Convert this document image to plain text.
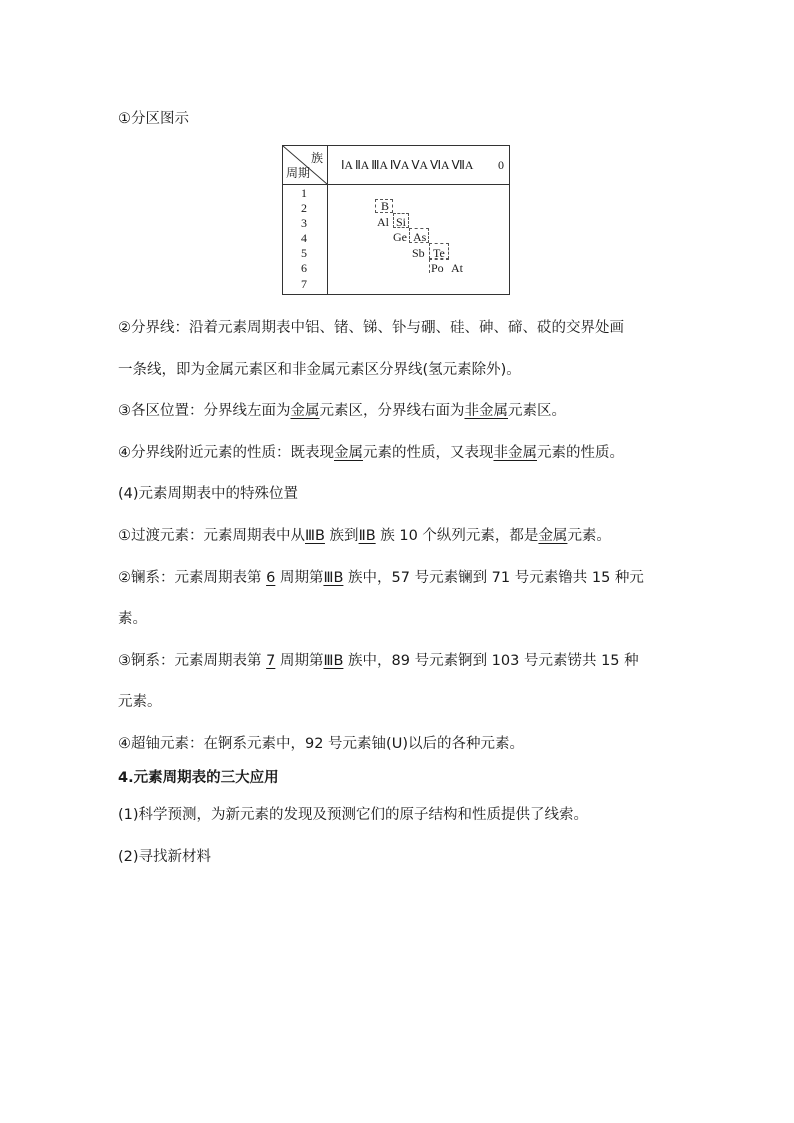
①分区图示
族
周期
ⅠA ⅡA ⅢA ⅣA ⅤA ⅥA ⅦA 0
1
2
3
4
5
6
7
B
Al Si
Ge As
Sb Te
Po At
②分界线：沿着元素周期表中铝、锗、锑、钋与硼、硅、砷、碲、砹的交界处画
一条线，即为金属元素区和非金属元素区分界线(氢元素除外)。
③各区位置：分界线左面为金属元素区，分界线右面为非金属元素区。
④分界线附近元素的性质：既表现金属元素的性质，又表现非金属元素的性质。
(4)元素周期表中的特殊位置
①过渡元素：元素周期表中从ⅢB 族到ⅡB 族 10 个纵列元素，都是金属元素。
②镧系：元素周期表第 6 周期第ⅢB 族中，57 号元素镧到 71 号元素镥共 15 种元
素。
③锕系：元素周期表第 7 周期第ⅢB 族中，89 号元素锕到 103 号元素铹共 15 种
元素。
④超铀元素：在锕系元素中，92 号元素铀(U)以后的各种元素。
4.元素周期表的三大应用
(1)科学预测，为新元素的发现及预测它们的原子结构和性质提供了线索。
(2)寻找新材料
